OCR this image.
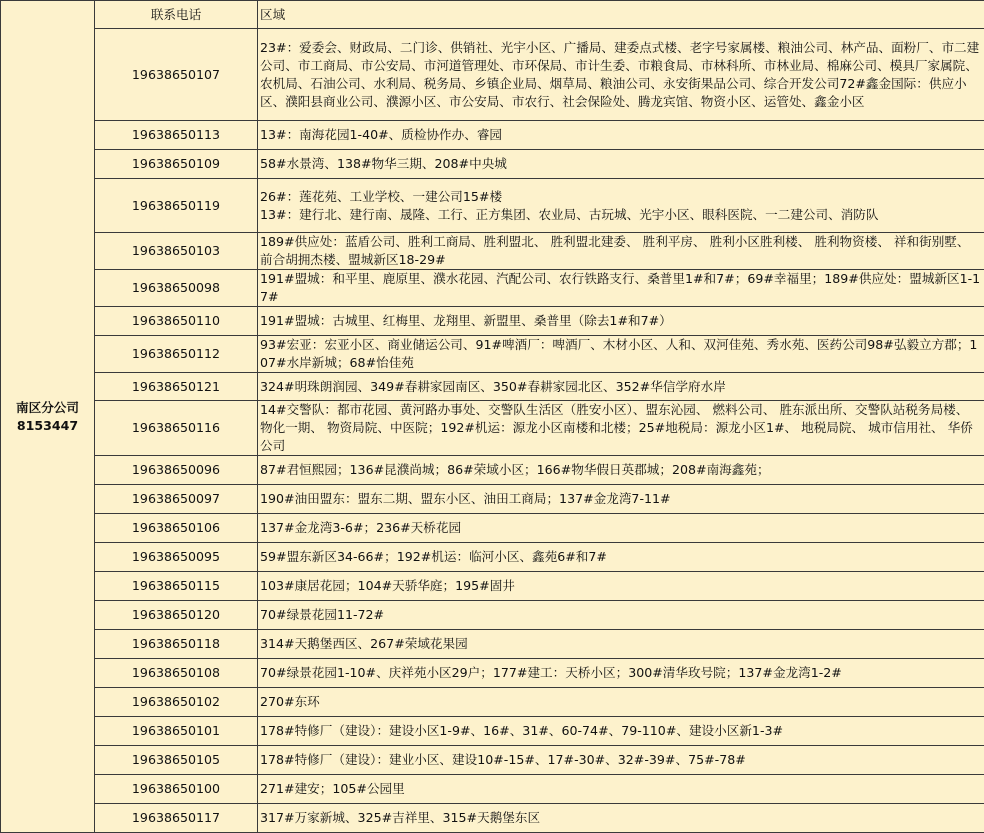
南区分公司
8153447	联系电话	区域
	19638650107	23#：爱委会、财政局、二门诊、供销社、光宇小区、广播局、建委点式楼、老字号家属楼、粮油公司、林产品、面粉厂、市二建公司、市工商局、市公安局、市河道管理处、市环保局、市计生委、市粮食局、市林科所、市林业局、棉麻公司、模具厂家属院、农机局、石油公司、水利局、税务局、乡镇企业局、烟草局、粮油公司、永安街果品公司、综合开发公司72#鑫金国际：供应小区、濮阳县商业公司、濮源小区、市公安局、市农行、社会保险处、腾龙宾馆、物资小区、运管处、鑫金小区
	19638650113	13#：南海花园1-40#、质检协作办、睿园
	19638650109	58#水景湾、138#物华三期、208#中央城
	19638650119	26#：莲花苑、工业学校、一建公司15#楼
13#：建行北、建行南、晟隆、工行、正方集团、农业局、古玩城、光宇小区、眼科医院、一二建公司、消防队
	19638650103	189#供应处：蓝盾公司、胜利工商局、胜利盟北、 胜利盟北建委、 胜利平房、 胜利小区胜利楼、 胜利物资楼、 祥和街别墅、 前合胡拥杰楼、盟城新区18-29#
	19638650098	191#盟城：和平里、鹿原里、濮水花园、汽配公司、农行铁路支行、桑普里1#和7#；69#幸福里；189#供应处：盟城新区1-17#
	19638650110	191#盟城：古城里、红梅里、龙翔里、新盟里、桑普里（除去1#和7#）
	19638650112	93#宏亚：宏亚小区、商业储运公司、91#啤酒厂：啤酒厂、木材小区、人和、双河佳苑、秀水苑、医药公司98#弘毅立方郡；107#水岸新城；68#怡佳苑
	19638650121	324#明珠朗润园、349#春耕家园南区、350#春耕家园北区、352#华信学府水岸
	19638650116	14#交警队：都市花园、黄河路办事处、交警队生活区（胜安小区）、盟东沁园、 燃料公司、 胜东派出所、交警队站税务局楼、 物化一期、 物资局院、中医院；192#机运：源龙小区南楼和北楼；25#地税局：源龙小区1#、 地税局院、 城市信用社、 华侨公司
	19638650096	87#君恒熙园；136#昆濮尚城；86#荣域小区；166#物华假日英郡城；208#南海鑫苑；
	19638650097	190#油田盟东：盟东二期、盟东小区、油田工商局；137#金龙湾7-11#
	19638650106	137#金龙湾3-6#；236#天桥花园
	19638650095	59#盟东新区34-66#；192#机运：临河小区、鑫苑6#和7#
	19638650115	103#康居花园；104#天骄华庭；195#固井
	19638650120	70#绿景花园11-72#
	19638650118	314#天鹅堡西区、267#荣域花果园
	19638650108	70#绿景花园1-10#、庆祥苑小区29户；177#建工：天桥小区；300#清华玫号院；137#金龙湾1-2#
	19638650102	270#东环
	19638650101	178#特修厂（建设）：建设小区1-9#、16#、31#、60-74#、79-110#、建设小区新1-3#
	19638650105	178#特修厂（建设）：建业小区、建设10#-15#、17#-30#、32#-39#、75#-78#
	19638650100	271#建安；105#公园里
	19638650117	317#万家新城、325#吉祥里、315#天鹅堡东区
